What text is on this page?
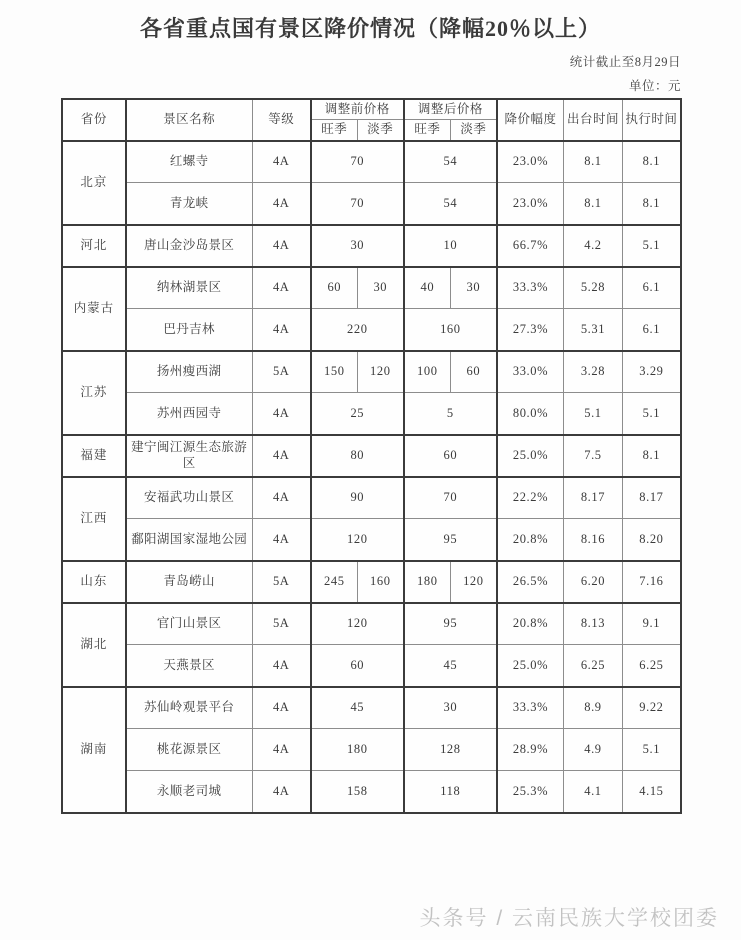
各省重点国有景区降价情况（降幅20％以上）
统计截止至8月29日
单位：元
省份	景区名称	等级	调整前价格		调整后价格		降价幅度	出台时间	执行时间
			旺季	淡季	旺季	淡季			
北京	红螺寺	4A	70		54		23.0%	8.1	8.1
	青龙峡	4A	70		54		23.0%	8.1	8.1
河北	唐山金沙岛景区	4A	30		10		66.7%	4.2	5.1
内蒙古	纳林湖景区	4A	60	30	40	30	33.3%	5.28	6.1
	巴丹吉林	4A	220		160		27.3%	5.31	6.1
江苏	扬州瘦西湖	5A	150	120	100	60	33.0%	3.28	3.29
	苏州西园寺	4A	25		5		80.0%	5.1	5.1
福建	建宁闽江源生态旅游区	4A	80		60		25.0%	7.5	8.1
江西	安福武功山景区	4A	90		70		22.2%	8.17	8.17
	鄱阳湖国家湿地公园	4A	120		95		20.8%	8.16	8.20
山东	青岛崂山	5A	245	160	180	120	26.5%	6.20	7.16
湖北	官门山景区	5A	120		95		20.8%	8.13	9.1
	天燕景区	4A	60		45		25.0%	6.25	6.25
湖南	苏仙岭观景平台	4A	45		30		33.3%	8.9	9.22
	桃花源景区	4A	180		128		28.9%	4.9	5.1
	永顺老司城	4A	158		118		25.3%	4.1	4.15
头条号 / 云南民族大学校团委
